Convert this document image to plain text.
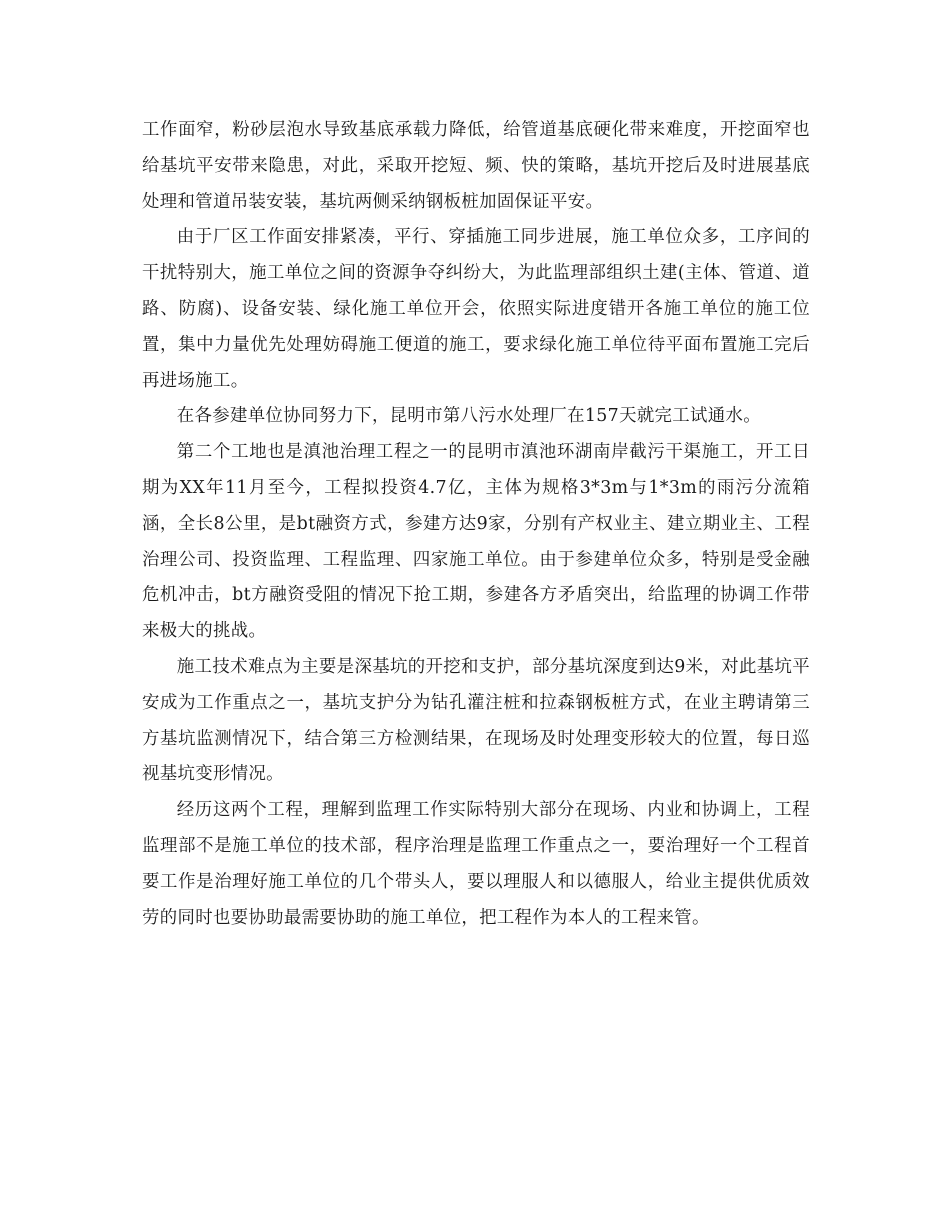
工作面窄，粉砂层泡水导致基底承载力降低，给管道基底硬化带来难度，开挖面窄也给基坑平安带来隐患，对此，采取开挖短、频、快的策略，基坑开挖后及时进展基底处理和管道吊装安装，基坑两侧采纳钢板桩加固保证平安。

由于厂区工作面安排紧凑，平行、穿插施工同步进展，施工单位众多，工序间的干扰特别大，施工单位之间的资源争夺纠纷大，为此监理部组织土建(主体、管道、道路、防腐)、设备安装、绿化施工单位开会，依照实际进度错开各施工单位的施工位置，集中力量优先处理妨碍施工便道的施工，要求绿化施工单位待平面布置施工完后再进场施工。

在各参建单位协同努力下，昆明市第八污水处理厂在157天就完工试通水。

第二个工地也是滇池治理工程之一的昆明市滇池环湖南岸截污干渠施工，开工日期为XX年11月至今，工程拟投资4.7亿，主体为规格3*3m与1*3m的雨污分流箱涵，全长8公里，是bt融资方式，参建方达9家，分别有产权业主、建立期业主、工程治理公司、投资监理、工程监理、四家施工单位。由于参建单位众多，特别是受金融危机冲击，bt方融资受阻的情况下抢工期，参建各方矛盾突出，给监理的协调工作带来极大的挑战。

施工技术难点为主要是深基坑的开挖和支护，部分基坑深度到达9米，对此基坑平安成为工作重点之一，基坑支护分为钻孔灌注桩和拉森钢板桩方式，在业主聘请第三方基坑监测情况下，结合第三方检测结果，在现场及时处理变形较大的位置，每日巡视基坑变形情况。

经历这两个工程，理解到监理工作实际特别大部分在现场、内业和协调上，工程监理部不是施工单位的技术部，程序治理是监理工作重点之一，要治理好一个工程首要工作是治理好施工单位的几个带头人，要以理服人和以德服人，给业主提供优质效劳的同时也要协助最需要协助的施工单位，把工程作为本人的工程来管。
